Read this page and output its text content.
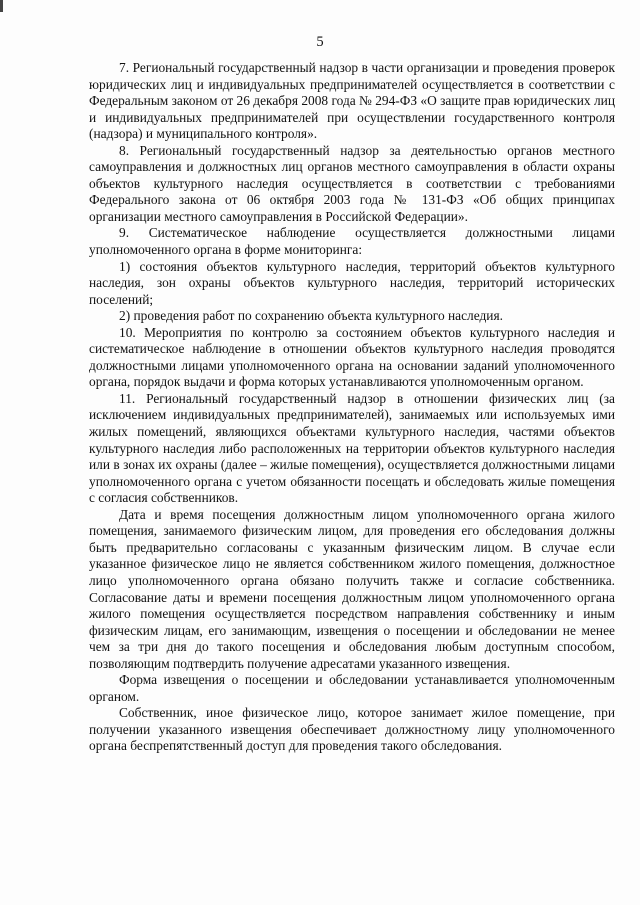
5

7. Региональный государственный надзор в части организации и проведения проверок юридических лиц и индивидуальных предпринимателей осуществляется в соответствии с Федеральным законом от 26 декабря 2008 года № 294-ФЗ «О защите прав юридических лиц и индивидуальных предпринимателей при осуществлении государственного контроля (надзора) и муниципального контроля».

8. Региональный государственный надзор за деятельностью органов местного самоуправления и должностных лиц органов местного самоуправления в области охраны объектов культурного наследия осуществляется в соответствии с требованиями Федерального закона от 06 октября 2003 года № 131-ФЗ «Об общих принципах организации местного самоуправления в Российской Федерации».

9. Систематическое наблюдение осуществляется должностными лицами уполномоченного органа в форме мониторинга:

1) состояния объектов культурного наследия, территорий объектов культурного наследия, зон охраны объектов культурного наследия, территорий исторических поселений;

2) проведения работ по сохранению объекта культурного наследия.

10. Мероприятия по контролю за состоянием объектов культурного наследия и систематическое наблюдение в отношении объектов культурного наследия проводятся должностными лицами уполномоченного органа на основании заданий уполномоченного органа, порядок выдачи и форма которых устанавливаются уполномоченным органом.

11. Региональный государственный надзор в отношении физических лиц (за исключением индивидуальных предпринимателей), занимаемых или используемых ими жилых помещений, являющихся объектами культурного наследия, частями объектов культурного наследия либо расположенных на территории объектов культурного наследия или в зонах их охраны (далее – жилые помещения), осуществляется должностными лицами уполномоченного органа с учетом обязанности посещать и обследовать жилые помещения с согласия собственников.

Дата и время посещения должностным лицом уполномоченного органа жилого помещения, занимаемого физическим лицом, для проведения его обследования должны быть предварительно согласованы с указанным физическим лицом. В случае если указанное физическое лицо не является собственником жилого помещения, должностное лицо уполномоченного органа обязано получить также и согласие собственника. Согласование даты и времени посещения должностным лицом уполномоченного органа жилого помещения осуществляется посредством направления собственнику и иным физическим лицам, его занимающим, извещения о посещении и обследовании не менее чем за три дня до такого посещения и обследования любым доступным способом, позволяющим подтвердить получение адресатами указанного извещения.

Форма извещения о посещении и обследовании устанавливается уполномоченным органом.

Собственник, иное физическое лицо, которое занимает жилое помещение, при получении указанного извещения обеспечивает должностному лицу уполномоченного органа беспрепятственный доступ для проведения такого обследования.
